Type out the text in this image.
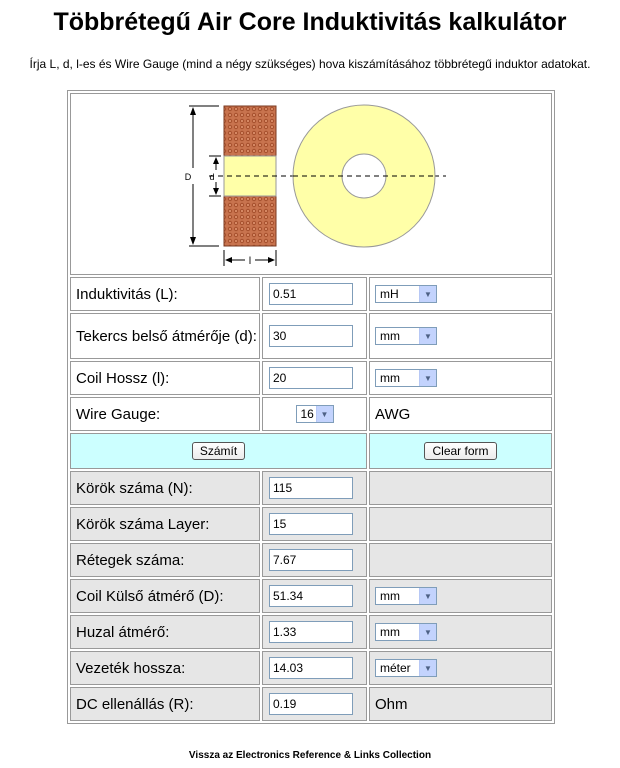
Többrétegű Air Core Induktivitás kalkulátor
Írja L, d, l-es és Wire Gauge (mind a négy szükséges) hova kiszámításához többrétegű induktor adatokat.
D d
l		

Induktivitás (L):	0.51	mH ▼

Tekercs belső átmérője (d):	30	mm ▼

Coil Hossz (l):	20	mm ▼

Wire Gauge:	16 ▼	AWG
Számít		Clear form
Körök száma (N):	115	
Körök száma Layer:	15	
Rétegek száma:	7.67	
Coil Külső átmérő (D):	51.34	mm ▼

Huzal átmérő:	1.33	mm ▼

Vezeték hossza:	14.03	méter ▼

DC ellenállás (R):	0.19	Ohm
Vissza az Electronics Reference & Links Collection
